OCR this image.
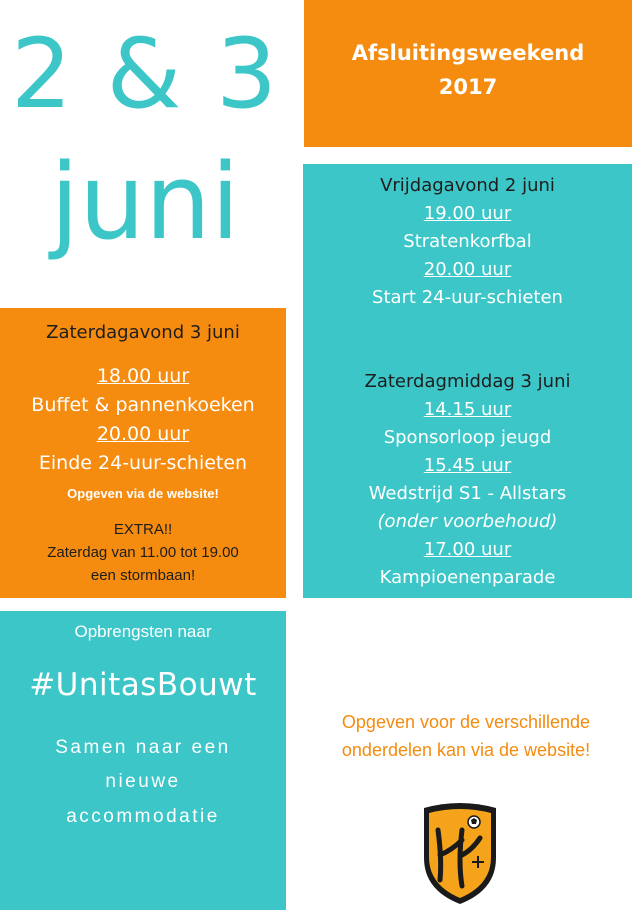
2 & 3
juni
Afsluitingsweekend
2017
Vrijdagavond 2 juni
19.00 uur
Stratenkorfbal
20.00 uur
Start 24-uur-schieten
Zaterdagmiddag 3 juni
14.15 uur
Sponsorloop jeugd
15.45 uur
Wedstrijd S1 - Allstars
(onder voorbehoud)
17.00 uur
Kampioenenparade
Zaterdagavond 3 juni
18.00 uur
Buffet & pannenkoeken
20.00 uur
Einde 24-uur-schieten
Opgeven via de website!
EXTRA!!
Zaterdag van 11.00 tot 19.00
een stormbaan!
Opbrengsten naar
#UnitasBouwt
Samen naar een
nieuwe
accommodatie
Opgeven voor de verschillende
onderdelen kan via de website!
